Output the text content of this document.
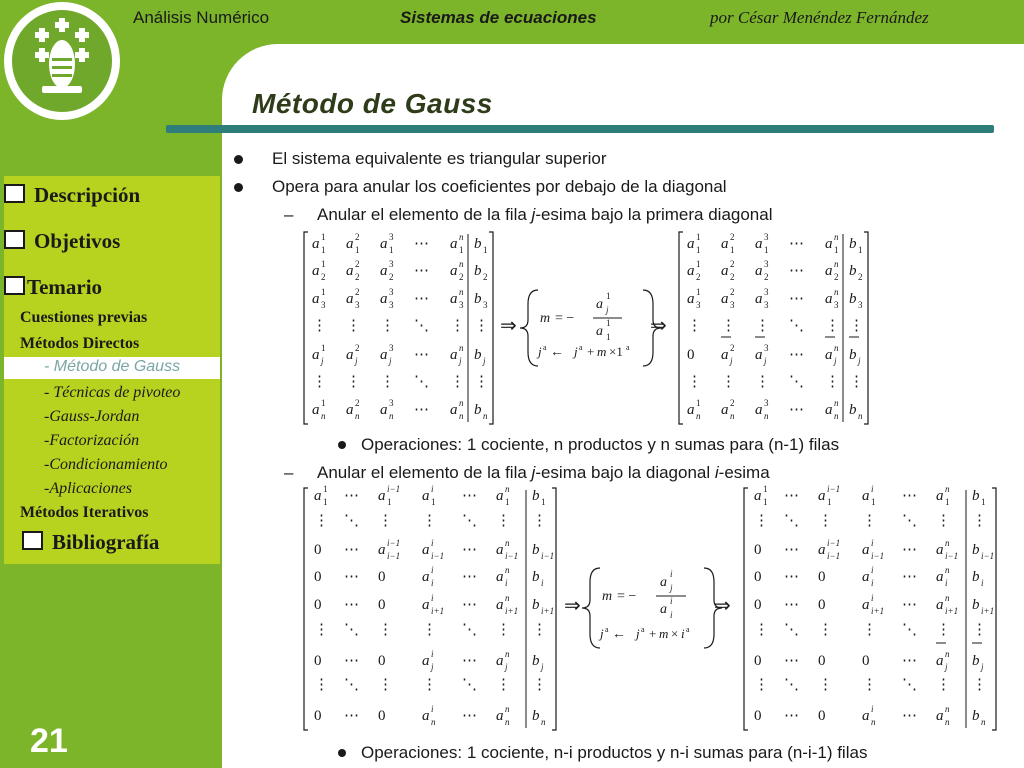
Análisis Numérico	Sistemas de ecuaciones	por César Menéndez Fernández
Método de Gauss
- Método de Gauss
Descripción
Objetivos
Temario
Cuestiones previas
Métodos Directos
- Técnicas de pivoteo
-Gauss-Jordan
-Factorización
-Condicionamiento
-Aplicaciones
Métodos Iterativos
Bibliografía
21
El sistema equivalente es triangular superior
Opera para anular los coeficientes por debajo de la diagonal
– Anular el elemento de la fila j-esima bajo la primera diagonal
a 1
1 a 2
1 a 3
1 ⋯ a n
1 b 1
a 1
2 a 2
2 a 3
2 ⋯ a n
2 b 2
a 1
3 a 2
3 a 3
3 ⋯ a n
3 b 3
⋮ ⋮ ⋮ ⋱ ⋮ ⋮
a 1
j a 2
j a 3
j ⋯ a n
j b j
⋮ ⋮ ⋮ ⋱ ⋮ ⋮
a 1
n a 2
n a 3
n ⋯ a n
n b n
a 1
1 a 2
1 a 3
1 ⋯ a n
1 b 1
a 1
2 a 2
2 a 3
2 ⋯ a n
2 b 2
a 1
3 a 2
3 a 3
3 ⋯ a n
3 b 3
⋮ ⋮ ⋮ ⋱ ⋮ ⋮
0 a 2
j a 3
j ⋯ a n
j b j
⋮ ⋮ ⋮ ⋱ ⋮ ⋮
a 1
n a 2
n a 3
n ⋯ a n
n b n
⇒ m = −
a
1
j
a
1
1
j a ← j a + m ×1 a
⇒
Operaciones: 1 cociente, n productos y n sumas para (n-1) filas
– Anular el elemento de la fila j-esima bajo la diagonal i-esima
a 1
1 ⋯ a i−1
1 a i
1 ⋯ a n
1 b 1
⋮ ⋱ ⋮ ⋮ ⋱ ⋮ ⋮
0 ⋯ a i−1
i−1 a i
i−1 ⋯ a n
i−1 b i−1
0 ⋯ 0 a i
i ⋯ a n
i b i
0 ⋯ 0 a i
i+1 ⋯ a n
i+1 b i+1
⋮ ⋱ ⋮ ⋮ ⋱ ⋮ ⋮
0 ⋯ 0 a i
j ⋯ a n
j b j
⋮ ⋱ ⋮ ⋮ ⋱ ⋮ ⋮
0 ⋯ 0 a i
n ⋯ a n
n b n
a 1
1 ⋯ a i−1
1 a i
1 ⋯ a n
1 b 1
⋮ ⋱ ⋮ ⋮ ⋱ ⋮ ⋮
0 ⋯ a i−1
i−1 a i
i−1 ⋯ a n
i−1 b i−1
0 ⋯ 0 a i
i ⋯ a n
i b i
0 ⋯ 0 a i
i+1 ⋯ a n
i+1 b i+1
⋮ ⋱ ⋮ ⋮ ⋱ ⋮ ⋮
0 ⋯ 0 0 ⋯ a n
j b j
⋮ ⋱ ⋮ ⋮ ⋱ ⋮ ⋮
0 ⋯ 0 a i
n ⋯ a n
n b n
⇒ m = −
a
i
j
a
i
i
j a ← j a + m × i a
⇒
Operaciones: 1 cociente, n-i productos y n-i sumas para (n-i-1) filas
